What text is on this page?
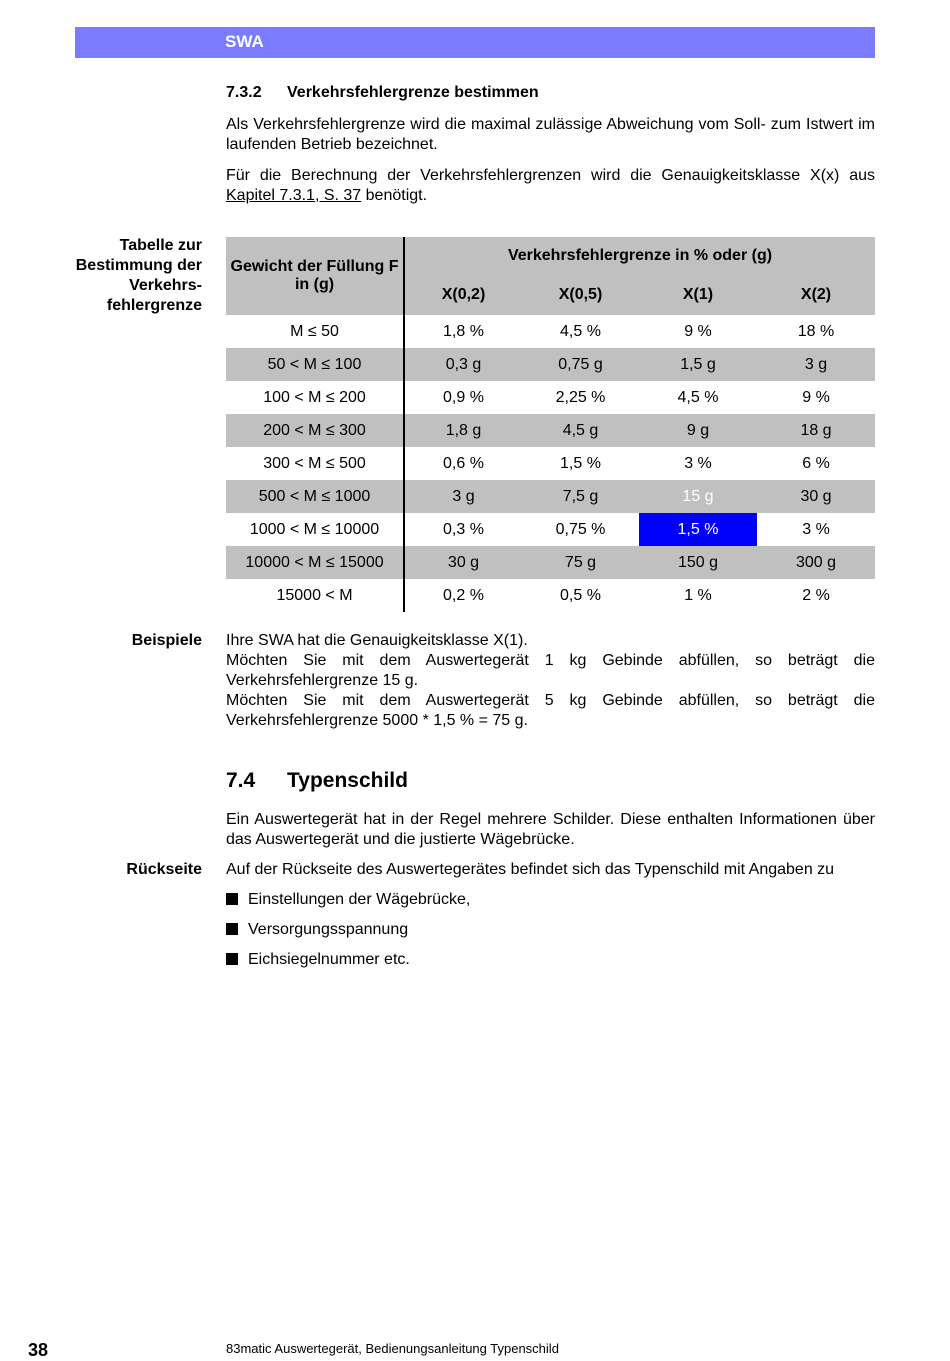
SWA
7.3.2 Verkehrsfehlergrenze bestimmen
Als Verkehrsfehlergrenze wird die maximal zulässige Abweichung vom Soll- zum Istwert im laufenden Betrieb bezeichnet.
Für die Berechnung der Verkehrsfehlergrenzen wird die Genauigkeitsklasse X(x) aus Kapitel 7.3.1, S. 37 benötigt.
Tabelle zur Bestimmung der Verkehrs-fehlergrenze
Gewicht der Füllung F in (g)	Verkehrsfehlergrenze in % oder (g)			
	X(0,2)	X(0,5)	X(1)	X(2)
M ≤ 50	1,8 %	4,5 %	9 %	18 %
50 < M ≤ 100	0,3 g	0,75 g	1,5 g	3 g
100 < M ≤ 200	0,9 %	2,25 %	4,5 %	9 %
200 < M ≤ 300	1,8 g	4,5 g	9 g	18 g
300 < M ≤ 500	0,6 %	1,5 %	3 %	6 %
500 < M ≤ 1000	3 g	7,5 g	15 g	30 g
1000 < M ≤ 10000	0,3 %	0,75 %	1,5 %	3 %
10000 < M ≤ 15000	30 g	75 g	150 g	300 g
15000 < M	0,2 %	0,5 %	1 %	2 %
Beispiele Ihre SWA hat die Genauigkeitsklasse X(1).
Möchten Sie mit dem Auswertegerät 1 kg Gebinde abfüllen, so beträgt die Verkehrsfehlergrenze 15 g.
Möchten Sie mit dem Auswertegerät 5 kg Gebinde abfüllen, so beträgt die Verkehrsfehlergrenze 5000 * 1,5 % = 75 g.
7.4 Typenschild
Ein Auswertegerät hat in der Regel mehrere Schilder. Diese enthalten Informationen über das Auswertegerät und die justierte Wägebrücke.
Rückseite Auf der Rückseite des Auswertegerätes befindet sich das Typenschild mit Angaben zu
Einstellungen der Wägebrücke,
Versorgungsspannung
Eichsiegelnummer etc.
38	83matic Auswertegerät, Bedienungsanleitung Typenschild
